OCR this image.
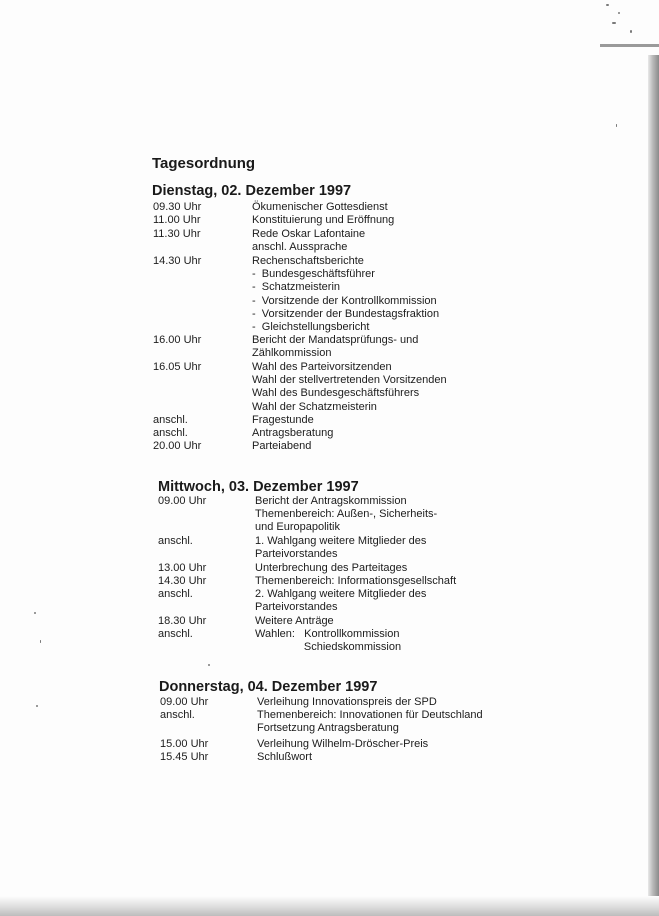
Tagesordnung
Dienstag, 02. Dezember 1997
09.30 Uhr	Ökumenischer Gottesdienst
11.00 Uhr	Konstituierung und Eröffnung
11.30 Uhr	Rede Oskar Lafontaine
anschl. Aussprache
14.30 Uhr	Rechenschaftsberichte
-  Bundesgeschäftsführer
-  Schatzmeisterin
-  Vorsitzende der Kontrollkommission
-  Vorsitzender der Bundestagsfraktion
-  Gleichstellungsbericht
16.00 Uhr	Bericht der Mandatsprüfungs- und
Zählkommission
16.05 Uhr	Wahl des Parteivorsitzenden
Wahl der stellvertretenden Vorsitzenden
Wahl des Bundesgeschäftsführers
Wahl der Schatzmeisterin
anschl.	Fragestunde
anschl.	Antragsberatung
20.00 Uhr	Parteiabend
Mittwoch, 03. Dezember 1997
09.00 Uhr	Bericht der Antragskommission
Themenbereich: Außen-, Sicherheits-
und Europapolitik
anschl.	1. Wahlgang weitere Mitglieder des
Parteivorstandes
13.00 Uhr	Unterbrechung des Parteitages
14.30 Uhr	Themenbereich: Informationsgesellschaft
anschl.	2. Wahlgang weitere Mitglieder des
Parteivorstandes
18.30 Uhr	Weitere Anträge
anschl.	Wahlen:   Kontrollkommission
Schiedskommission
Donnerstag, 04. Dezember 1997
09.00 Uhr	Verleihung Innovationspreis der SPD
anschl.	Themenbereich: Innovationen für Deutschland
Fortsetzung Antragsberatung
15.00 Uhr	Verleihung Wilhelm-Dröscher-Preis
15.45 Uhr	Schlußwort
